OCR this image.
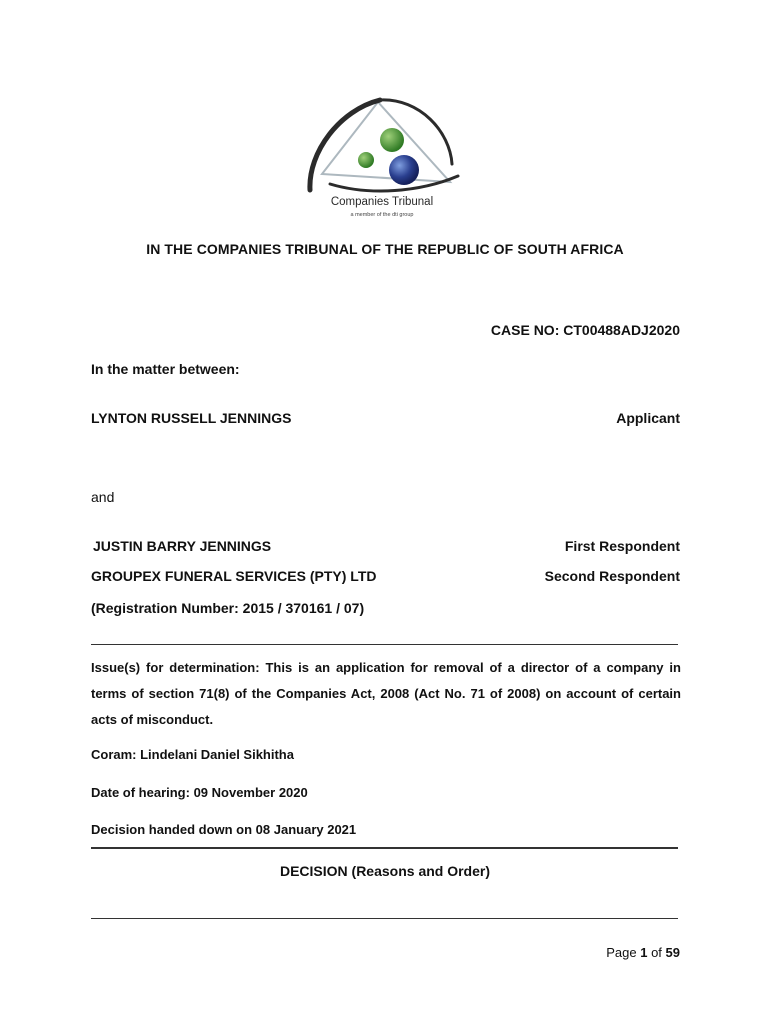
Companies Tribunal
a member of the dti group
IN THE COMPANIES TRIBUNAL OF THE REPUBLIC OF SOUTH AFRICA
CASE NO: CT00488ADJ2020
In the matter between:
LYNTON RUSSELL JENNINGS	Applicant
and
JUSTIN BARRY JENNINGS	First Respondent
GROUPEX FUNERAL SERVICES (PTY) LTD	Second Respondent
(Registration Number: 2015 / 370161 / 07)
Issue(s) for determination: This is an application for removal of a director of a company in terms of section 71(8) of the Companies Act, 2008 (Act No. 71 of 2008) on account of certain acts of misconduct.
Coram: Lindelani Daniel Sikhitha
Date of hearing: 09 November 2020
Decision handed down on 08 January 2021
DECISION (Reasons and Order)
Page 1 of 59
